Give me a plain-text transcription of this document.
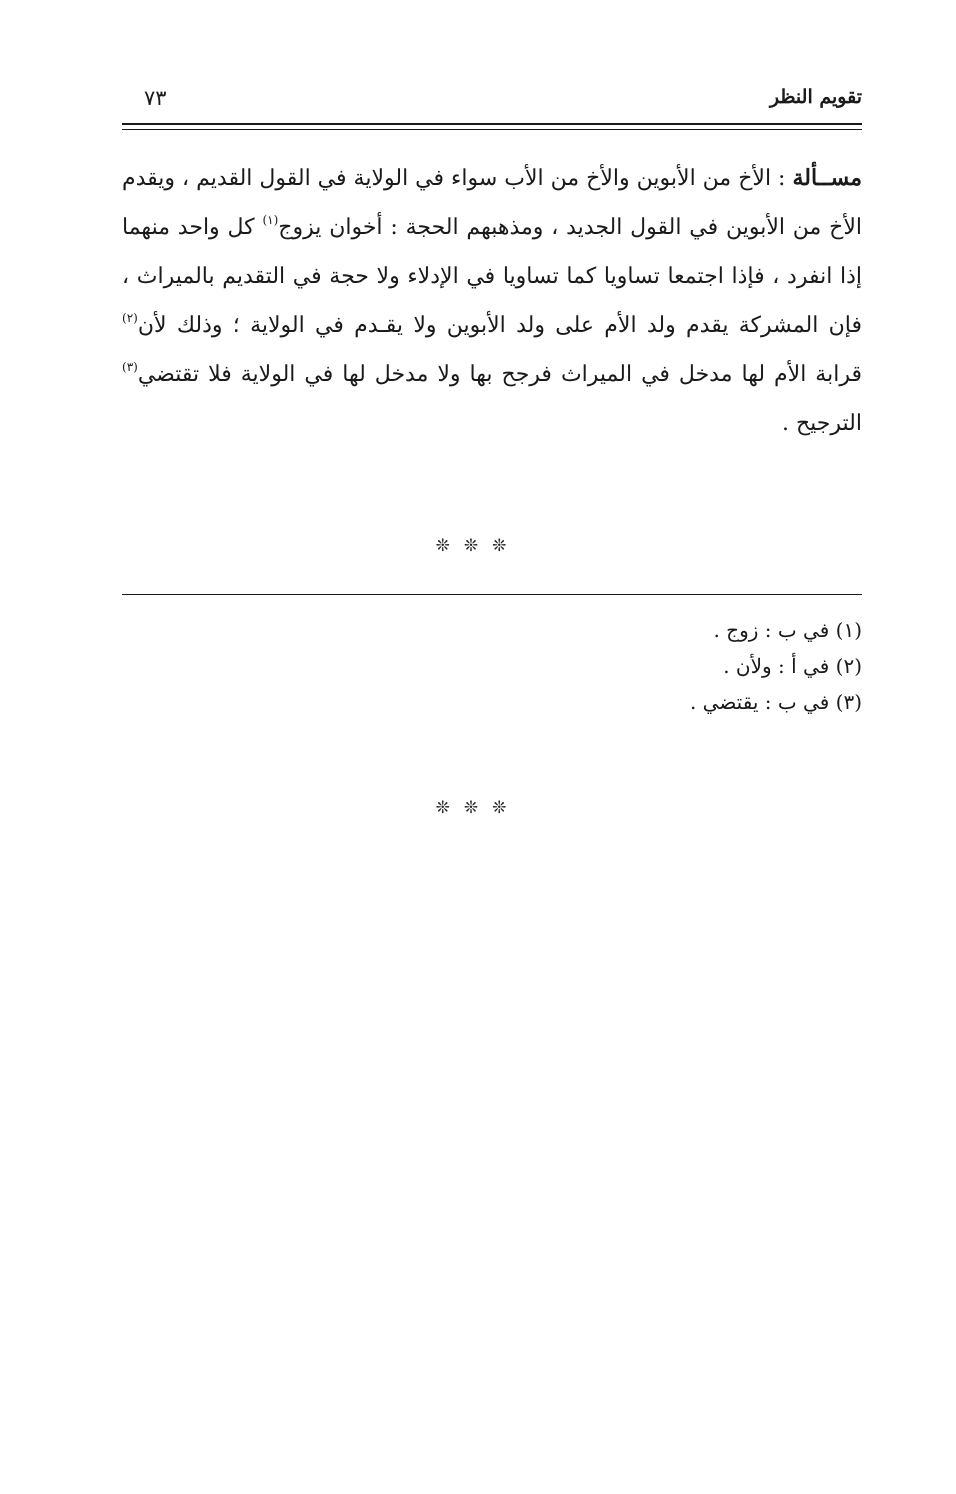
تقويم النظر
٧٣

مســألة : الأخ من الأبوين والأخ من الأب سواء في الولاية في القول القديم ، ويقدم الأخ من الأبوين في القول الجديد ، ومذهبهم الحجة : أخوان يزوج$^{(١)}$ كل واحد منهما إذا انفرد ، فإذا اجتمعا تساويا كما تساويا في الإدلاء ولا حجة في التقديم بالميراث ، فإن المشركة يقدم ولد الأم على ولد الأبوين ولا يقـدم في الولاية ؛ وذلك لأن$^{(٢)}$ قرابة الأم لها مدخل في الميراث فرجح بها ولا مدخل لها في الولاية فلا تقتضي$^{(٣)}$ الترجيح .

❊❊❊
(١) في ب : زوج .
(٢) في أ : ولأن .
(٣) في ب : يقتضي .
❊❊❊
